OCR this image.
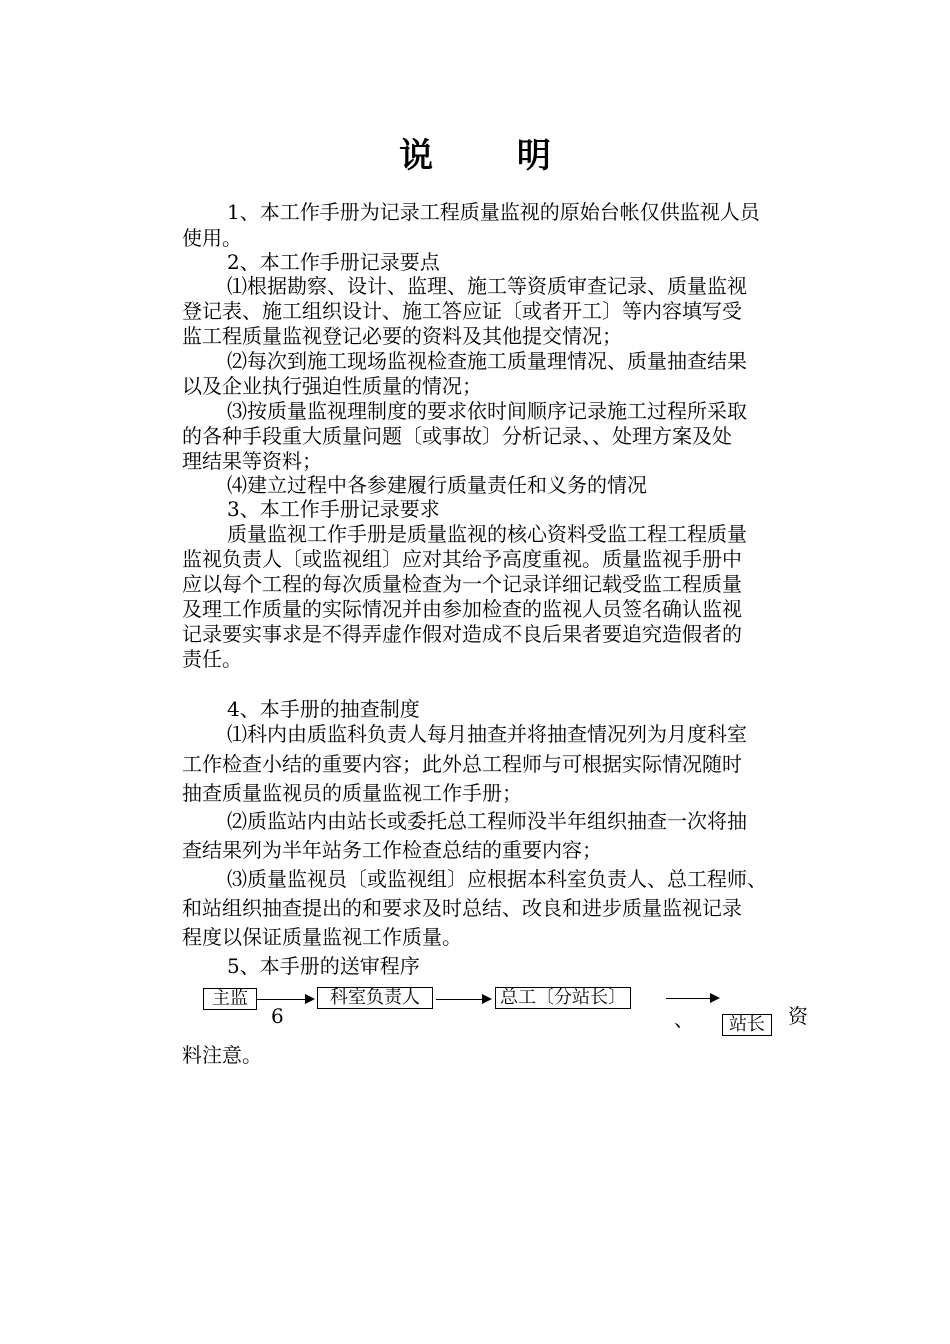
说 明
1、本工作手册为记录工程质量监视的原始台帐仅供监视人员
使用。
2、本工作手册记录要点
⑴根据勘察、设计、监理、施工等资质审查记录、质量监视
登记表、施工组织设计、施工答应证〔或者开工〕等内容填写受
监工程质量监视登记必要的资料及其他提交情况；
⑵每次到施工现场监视检查施工质量理情况、质量抽查结果
以及企业执行强迫性质量的情况；
⑶按质量监视理制度的要求依时间顺序记录施工过程所采取
的各种手段重大质量问题〔或事故〕分析记录、、处理方案及处
理结果等资料；
⑷建立过程中各参建履行质量责任和义务的情况
3、本工作手册记录要求
质量监视工作手册是质量监视的核心资料受监工程工程质量
监视负责人〔或监视组〕应对其给予高度重视。质量监视手册中
应以每个工程的每次质量检查为一个记录详细记载受监工程质量
及理工作质量的实际情况并由参加检查的监视人员签名确认监视
记录要实事求是不得弄虚作假对造成不良后果者要追究造假者的
责任。
4、本手册的抽查制度
⑴科内由质监科负责人每月抽查并将抽查情况列为月度科室
工作检查小结的重要内容；此外总工程师与可根据实际情况随时
抽查质量监视员的质量监视工作手册；
⑵质监站内由站长或委托总工程师没半年组织抽查一次将抽
查结果列为半年站务工作检查总结的重要内容；
⑶质量监视员〔或监视组〕应根据本科室负责人、总工程师、
和站组织抽查提出的和要求及时总结、改良和进步质量监视记录
程度以保证质量监视工作质量。
5、本手册的送审程序
主监	科室负责人	总工〔分站长〕
站长
6	、	资
料注意。
